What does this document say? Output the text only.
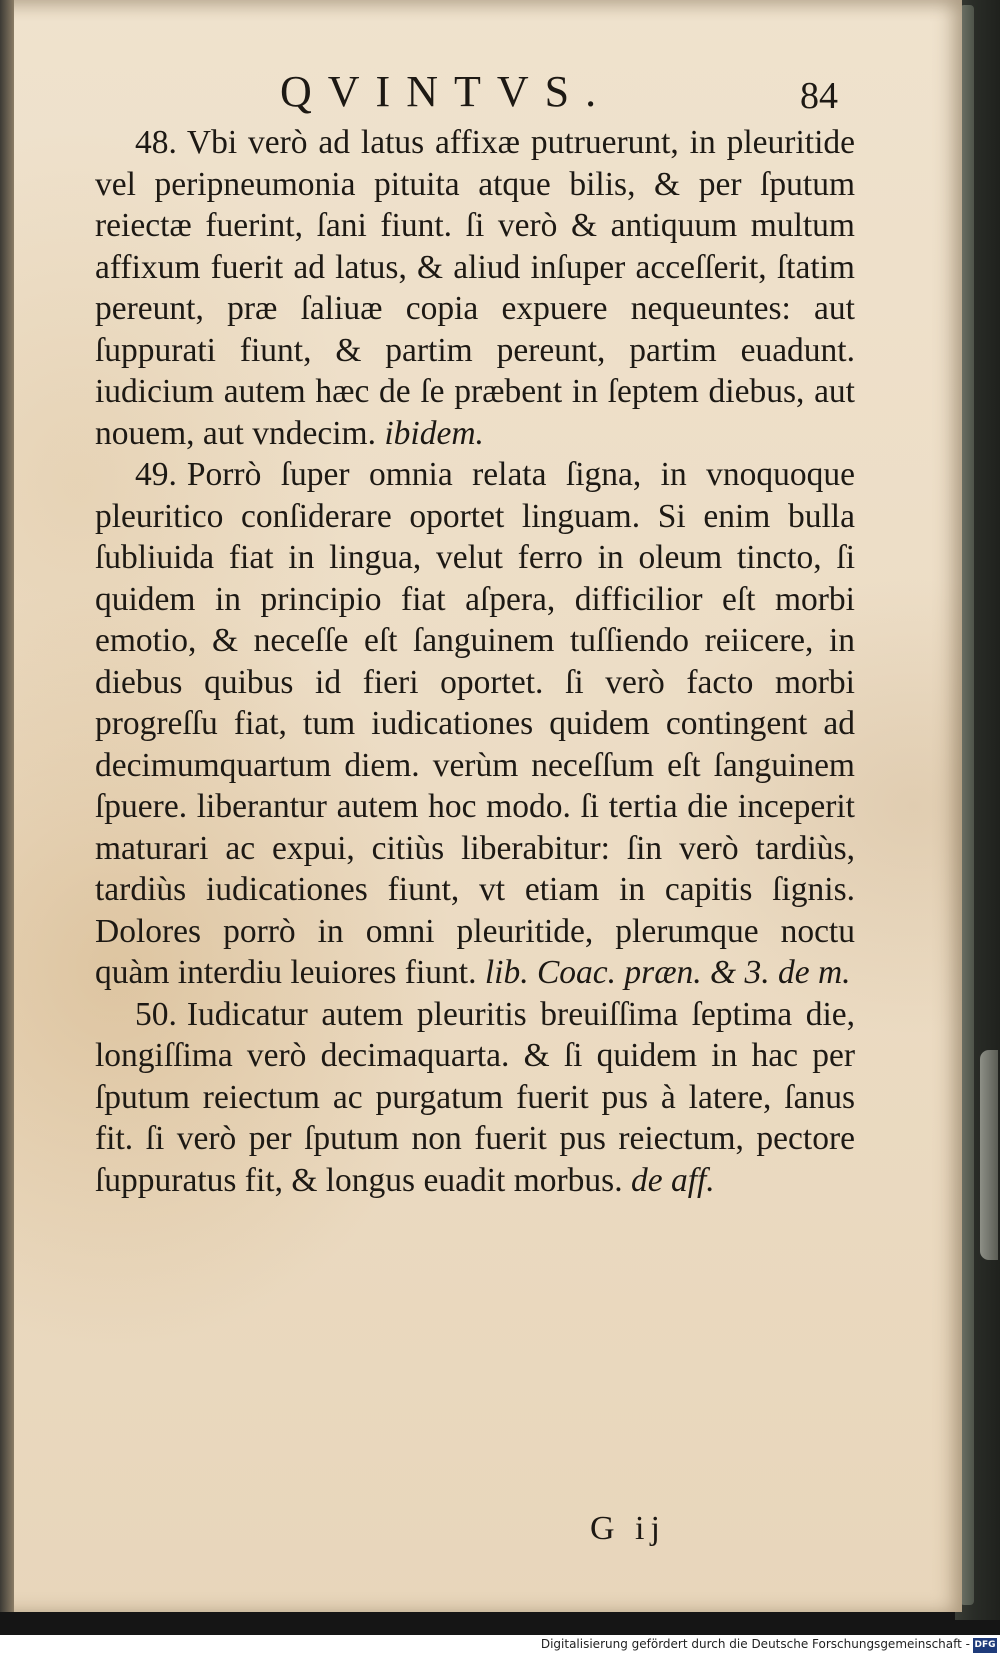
QVINTVS.	84

48. Vbi verò ad latus affixæ putruerunt, in pleuritide vel peripneumonia pituita atque bilis, & per ſputum reiectæ fuerint, ſani fiunt. ſi verò & antiquum multum affixum fuerit ad latus, & aliud inſuper acceſſerit, ſtatim pereunt, præ ſaliuæ copia expuere nequeuntes: aut ſuppurati fiunt, & partim pereunt, partim euadunt. iudicium autem hæc de ſe præbent in ſeptem diebus, aut nouem, aut vndecim. ibidem.

49. Porrò ſuper omnia relata ſigna, in vnoquoque pleuritico conſiderare oportet linguam. Si enim bulla ſubliuida fiat in lingua, velut ferro in oleum tincto, ſi quidem in principio fiat aſpera, difficilior eſt morbi emotio, & neceſſe eſt ſanguinem tuſſiendo reiicere, in diebus quibus id fieri oportet. ſi verò facto morbi progreſſu fiat, tum iudicationes quidem contingent ad decimumquartum diem. verùm neceſſum eſt ſanguinem ſpuere. liberantur autem hoc modo. ſi tertia die inceperit maturari ac expui, citiùs liberabitur: ſin verò tardiùs, tardiùs iudicationes fiunt, vt etiam in capitis ſignis. Dolores porrò in omni pleuritide, plerumque noctu quàm interdiu leuiores fiunt. lib. Coac. præn. & 3. de m.

50. Iudicatur autem pleuritis breuiſſima ſeptima die, longiſſima verò decimaquarta. & ſi quidem in hac per ſputum reiectum ac purgatum fuerit pus à latere, ſanus fit. ſi verò per ſputum non fuerit pus reiectum, pectore ſuppuratus fit, & longus euadit morbus. de aff.

G ij
Digitalisierung gefördert durch die Deutsche Forschungsgemeinschaft - DFG
